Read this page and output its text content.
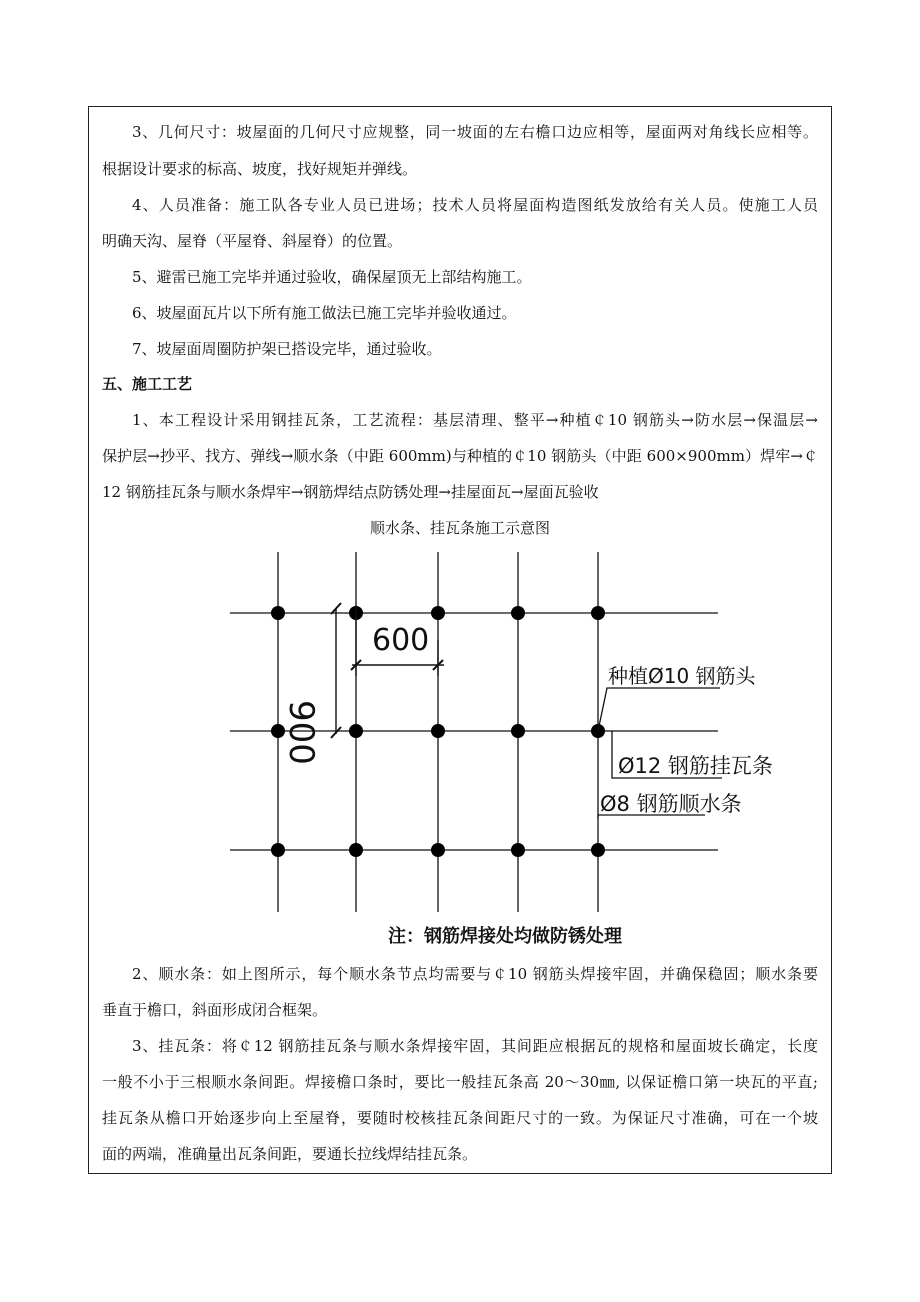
3、几何尺寸：坡屋面的几何尺寸应规整，同一坡面的左右檐口边应相等，屋面两对角线长应相等。
根据设计要求的标高、坡度，找好规矩并弹线。
4、人员准备：施工队各专业人员已进场；技术人员将屋面构造图纸发放给有关人员。使施工人员
明确天沟、屋脊（平屋脊、斜屋脊）的位置。
5、避雷已施工完毕并通过验收，确保屋顶无上部结构施工。
6、坡屋面瓦片以下所有施工做法已施工完毕并验收通过。
7、坡屋面周圈防护架已搭设完毕，通过验收。
五、施工工艺
1、本工程设计采用钢挂瓦条，工艺流程：基层清理、整平→种植￠10 钢筋头→防水层→保温层→
保护层→抄平、找方、弹线→顺水条（中距 600mm)与种植的￠10 钢筋头（中距 600×900mm）焊牢→￠
12 钢筋挂瓦条与顺水条焊牢→钢筋焊结点防锈处理→挂屋面瓦→屋面瓦验收
顺水条、挂瓦条施工示意图
900
600
种植Ø10 钢筋头
Ø12 钢筋挂瓦条
Ø8 钢筋顺水条
注：钢筋焊接处均做防锈处理
2、顺水条：如上图所示，每个顺水条节点均需要与￠10 钢筋头焊接牢固，并确保稳固；顺水条要
垂直于檐口，斜面形成闭合框架。
3、挂瓦条：将￠12 钢筋挂瓦条与顺水条焊接牢固，其间距应根据瓦的规格和屋面坡长确定，长度
一般不小于三根顺水条间距。焊接檐口条时，要比一般挂瓦条高 20～30㎜, 以保证檐口第一块瓦的平直;
挂瓦条从檐口开始逐步向上至屋脊，要随时校核挂瓦条间距尺寸的一致。为保证尺寸准确，可在一个坡
面的两端，准确量出瓦条间距，要通长拉线焊结挂瓦条。
